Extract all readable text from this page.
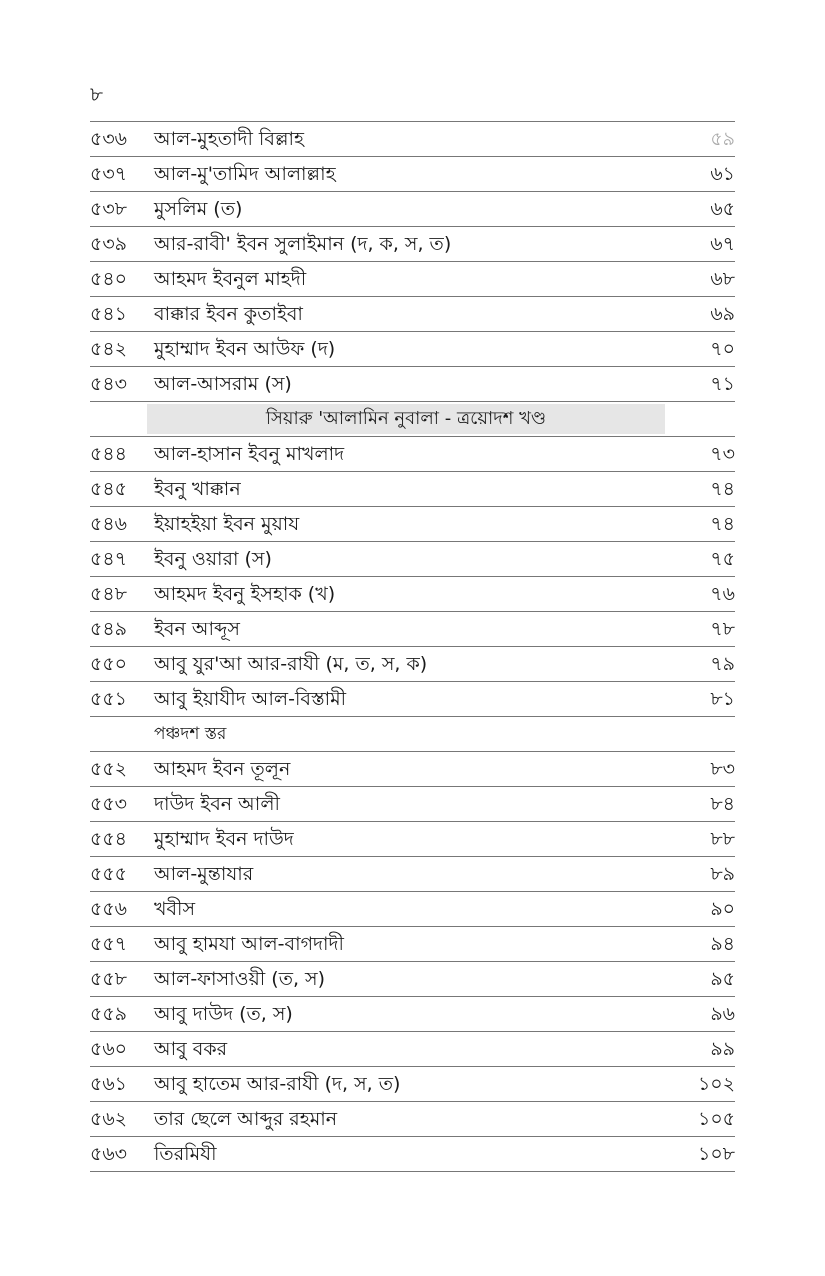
৮
৫৩৬ আল-মুহতাদী বিল্লাহ	৫৯
৫৩৭ আল-মু'তামিদ আলাল্লাহ	৬১
৫৩৮ মুসলিম (ত)	৬৫
৫৩৯ আর-রাবী' ইবন সুলাইমান (দ, ক, স, ত)	৬৭
৫৪০ আহমদ ইবনুল মাহদী	৬৮
৫৪১ বাক্কার ইবন কুতাইবা	৬৯
৫৪২ মুহাম্মাদ ইবন আউফ (দ)	৭০
৫৪৩ আল-আসরাম (স)	৭১
সিয়ারু 'আলামিন নুবালা - ত্রয়োদশ খণ্ড
৫৪৪ আল-হাসান ইবনু মাখলাদ	৭৩
৫৪৫ ইবনু খাক্কান	৭৪
৫৪৬ ইয়াহইয়া ইবন মুয়ায	৭৪
৫৪৭ ইবনু ওয়ারা (স)	৭৫
৫৪৮ আহমদ ইবনু ইসহাক (খ)	৭৬
৫৪৯ ইবন আব্দূস	৭৮
৫৫০ আবু যুর'আ আর-রাযী (ম, ত, স, ক)	৭৯
৫৫১ আবু ইয়াযীদ আল-বিস্তামী	৮১
পঞ্চদশ স্তর
৫৫২ আহমদ ইবন তূলূন	৮৩
৫৫৩ দাউদ ইবন আলী	৮৪
৫৫৪ মুহাম্মাদ ইবন দাউদ	৮৮
৫৫৫ আল-মুন্তাযার	৮৯
৫৫৬ খবীস	৯০
৫৫৭ আবু হামযা আল-বাগদাদী	৯৪
৫৫৮ আল-ফাসাওয়ী (ত, স)	৯৫
৫৫৯ আবু দাউদ (ত, স)	৯৬
৫৬০ আবু বকর	৯৯
৫৬১ আবু হাতেম আর-রাযী (দ, স, ত)	১০২
৫৬২ তার ছেলে আব্দুর রহমান	১০৫
৫৬৩ তিরমিযী	১০৮
